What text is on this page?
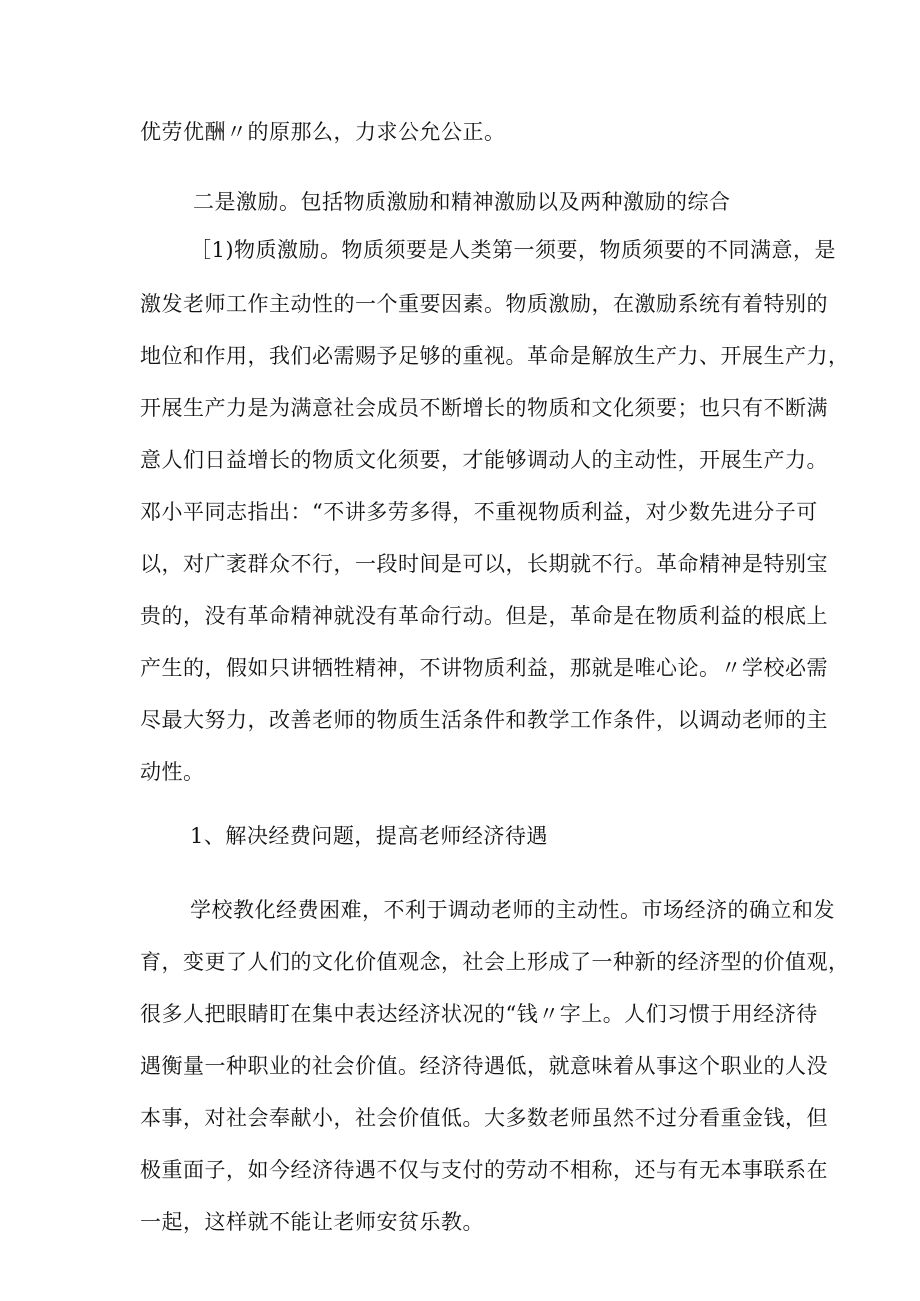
优劳优酬〃的原那么，力求公允公正。
二是激励。包括物质激励和精神激励以及两种激励的综合
［1)物质激励。物质须要是人类第一须要，物质须要的不同满意，是
激发老师工作主动性的一个重要因素。物质激励，在激励系统有着特别的
地位和作用，我们必需赐予足够的重视。革命是解放生产力、开展生产力，
开展生产力是为满意社会成员不断增长的物质和文化须要；也只有不断满
意人们日益增长的物质文化须要，才能够调动人的主动性，开展生产力。
邓小平同志指出：“不讲多劳多得，不重视物质利益，对少数先进分子可
以，对广袤群众不行，一段时间是可以，长期就不行。革命精神是特别宝
贵的，没有革命精神就没有革命行动。但是，革命是在物质利益的根底上
产生的，假如只讲牺牲精神，不讲物质利益，那就是唯心论。〃学校必需
尽最大努力，改善老师的物质生活条件和教学工作条件，以调动老师的主
动性。
1、解决经费问题，提高老师经济待遇
学校教化经费困难，不利于调动老师的主动性。市场经济的确立和发
育，变更了人们的文化价值观念，社会上形成了一种新的经济型的价值观，
很多人把眼睛盯在集中表达经济状况的“钱〃字上。人们习惯于用经济待
遇衡量一种职业的社会价值。经济待遇低，就意味着从事这个职业的人没
本事，对社会奉献小，社会价值低。大多数老师虽然不过分看重金钱，但
极重面子，如今经济待遇不仅与支付的劳动不相称，还与有无本事联系在
一起，这样就不能让老师安贫乐教。
